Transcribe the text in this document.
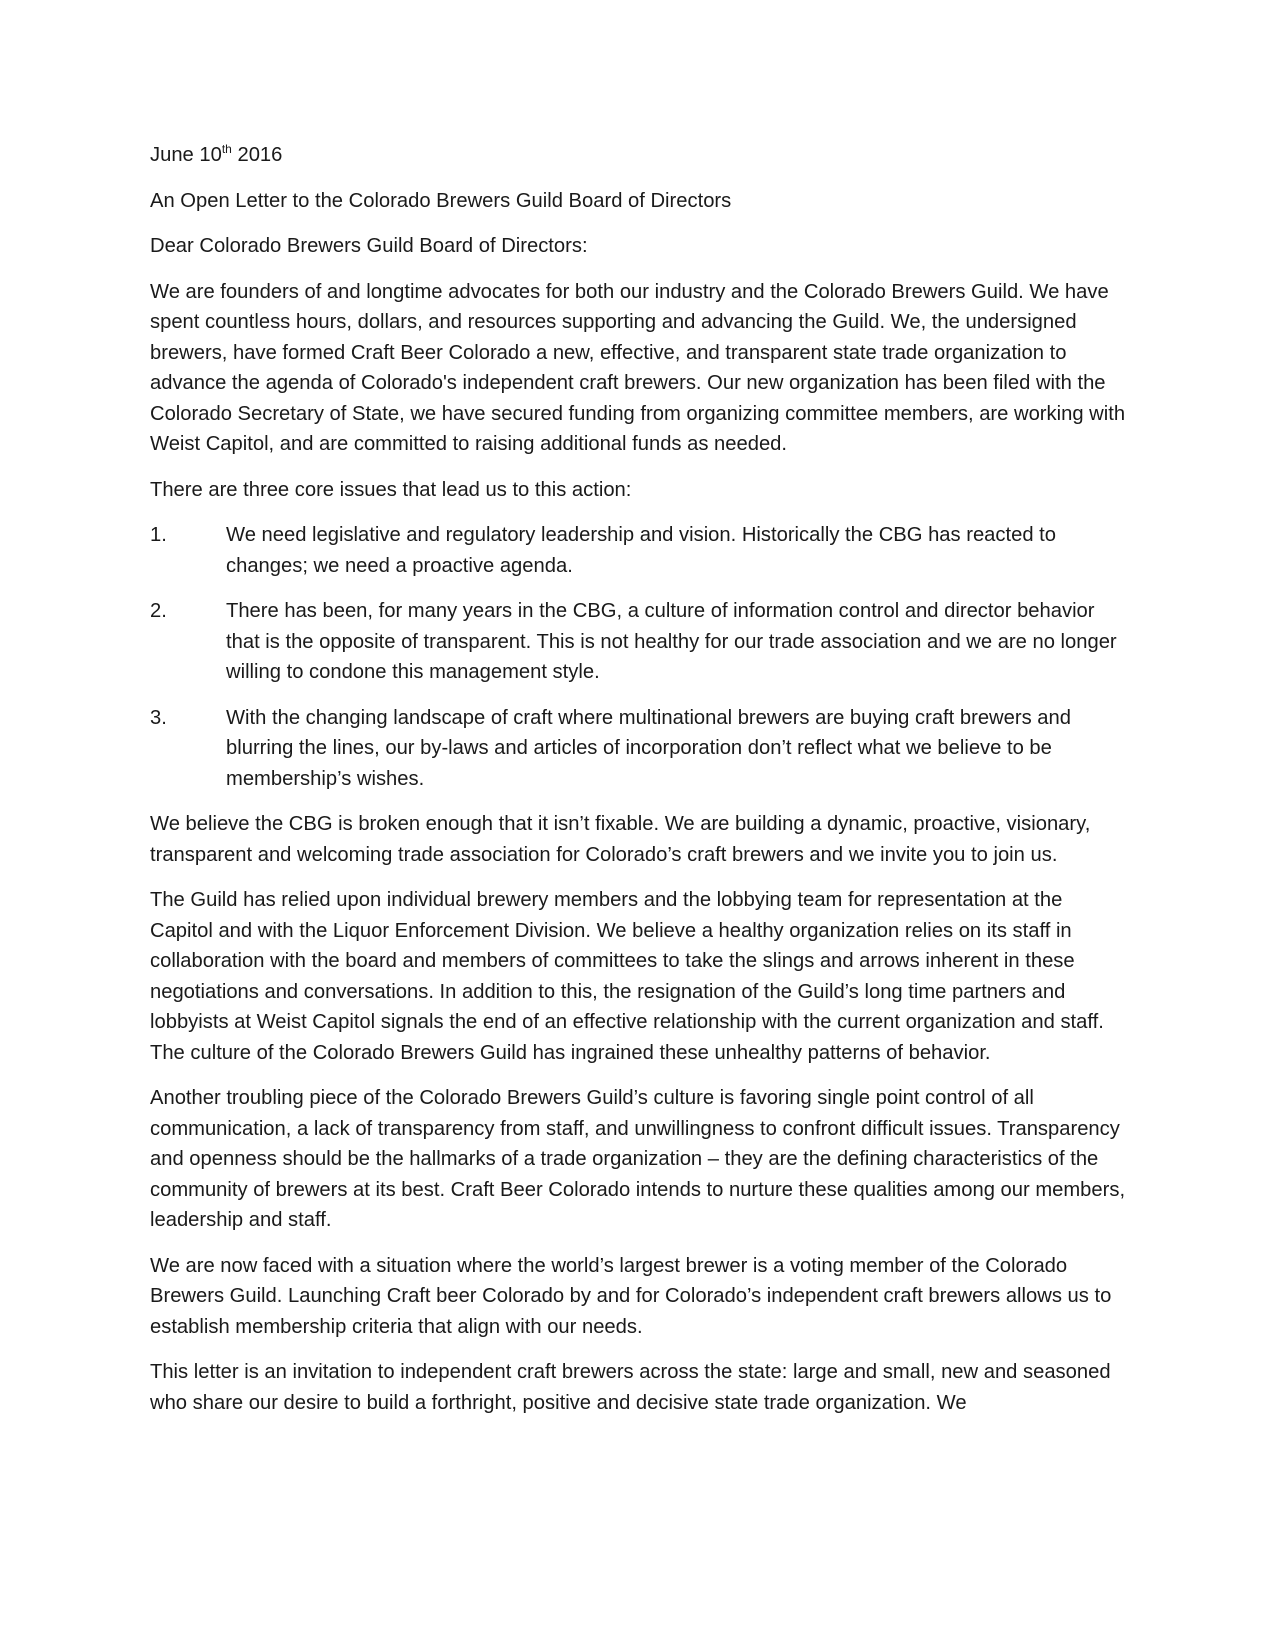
June 10th 2016

An Open Letter to the Colorado Brewers Guild Board of Directors

Dear Colorado Brewers Guild Board of Directors:

We are founders of and longtime advocates for both our industry and the Colorado Brewers Guild. We have spent countless hours, dollars, and resources supporting and advancing the Guild. We, the undersigned brewers, have formed Craft Beer Colorado a new, effective, and transparent state trade organization to advance the agenda of Colorado's independent craft brewers. Our new organization has been filed with the Colorado Secretary of State, we have secured funding from organizing committee members, are working with Weist Capitol, and are committed to raising additional funds as needed.

There are three core issues that lead us to this action:

1.	We need legislative and regulatory leadership and vision. Historically the CBG has reacted to changes; we need a proactive agenda.
2.	There has been, for many years in the CBG, a culture of information control and director behavior that is the opposite of transparent. This is not healthy for our trade association and we are no longer willing to condone this management style.
3.	With the changing landscape of craft where multinational brewers are buying craft brewers and blurring the lines, our by-laws and articles of incorporation don’t reflect what we believe to be membership’s wishes.

We believe the CBG is broken enough that it isn’t fixable. We are building a dynamic, proactive, visionary, transparent and welcoming trade association for Colorado’s craft brewers and we invite you to join us.

The Guild has relied upon individual brewery members and the lobbying team for representation at the Capitol and with the Liquor Enforcement Division. We believe a healthy organization relies on its staff in collaboration with the board and members of committees to take the slings and arrows inherent in these negotiations and conversations. In addition to this, the resignation of the Guild’s long time partners and lobbyists at Weist Capitol signals the end of an effective relationship with the current organization and staff. The culture of the Colorado Brewers Guild has ingrained these unhealthy patterns of behavior.

Another troubling piece of the Colorado Brewers Guild’s culture is favoring single point control of all communication, a lack of transparency from staff, and unwillingness to confront difficult issues. Transparency and openness should be the hallmarks of a trade organization – they are the defining characteristics of the community of brewers at its best. Craft Beer Colorado intends to nurture these qualities among our members, leadership and staff.

We are now faced with a situation where the world’s largest brewer is a voting member of the Colorado Brewers Guild. Launching Craft beer Colorado by and for Colorado’s independent craft brewers allows us to establish membership criteria that align with our needs.

This letter is an invitation to independent craft brewers across the state: large and small, new and seasoned who share our desire to build a forthright, positive and decisive state trade organization. We
